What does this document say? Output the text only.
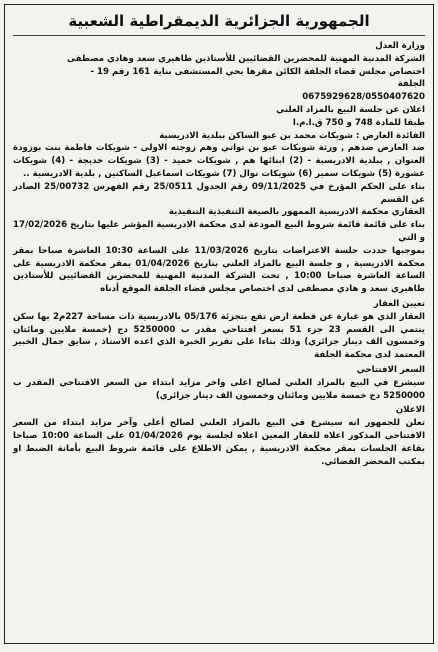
الجمهورية الجزائرية الديمقراطية الشعبية
وزارة العدل
الشركة المدنية المهنية للمحضرين القضائيين للأستاذين طاهيري سعد وهادي مصطفى
اختصاص مجلس قضاء الجلفة الكائن مقرها بحي المستشفى بناية 161 رقم 19 -
الجلفة
0675929628/0550407620
اعلان عن جلسة البيع بالمزاد العلني
طبقا للمادة 748 و 750 ق.ا.م.ا

الفائدة العارض : شويكات محمد بن عبو الساكن ببلدية الادريسية

ضد العارض ضدهم , ورثة شويكات عبو بن تواتي وهم زوجته الاولى - شويكات فاطمة بنت بوزودة العنوان , ببلدية الادريسية - (2) ابنائها هم , شويكات حميد - (3) شويكات خديجة - (4) شويكات عشورة (5) شويكات سمير (6) شويكات نوال (7) شويكات اسماعيل الساكنين , بلدية الادريسية ..

بناء على الحكم المؤرخ في 09/11/2025 رقم الجدول 25/0511 رقم الفهرس 25/00732 الصادر عن القسم

العقاري محكمة الادريسية الممهور بالصيغة التنفيذية التنفيذية

بناء على قائمة قائمة شروط البيع المودعة لدى محكمة الادريسية المؤشر عليها بتاريخ 17/02/2026 و التي

بموجبها حددت جلسة الاعتراضات بتاريخ 11/03/2026 على الساعة 10:30 العاشرة صباحا بمقر محكمة الادريسية , و جلسة البيع بالمزاد العلني بتاريخ 01/04/2026 بمقر محكمة الادريسية على الساعة العاشرة صباحا 10:00 , تحت الشركة المدنية المهنية للمحضرين القضائيين للأستاذين طاهيري سعد و هادي مصطفى لدى اختصاص مجلس قضاء الجلفة الموقع أدناه

تعيين العقار

العقار الذي هو عبارة عن قطعة ارض تقع بتجزئة 05/176 بالادريسية ذات مساحة 227م2 بها سكن ينتمي الى القسم 23 جزء 51 بسعر افتتاحي مقدر ب 5250000 دج (خمسة ملايين ومائتان وخمسون الف دينار جزائري) وذلك بناءا على تقرير الخبرة الذي اعده الاستاذ , سايق جمال الخبير المعتمد لدى محكمة الجلفة

السعر الافتتاحي

سيشرع في البيع بالمزاد العلني لصالح اعلى واخر مزايد ابتداء من السعر الافتتاحي المقدر ب 5250000 دج خمسة ملايين ومائتان وخمسون الف دينار جزائري)

الاعلان

تعلن للجمهور انه سيشرع في البيع بالمزاد العلني لصالح أعلى وآخر مزايد ابتداء من السعر الافتتاحي المذكور اعلاه للعقار المعين اعلاه لجلسة يوم 01/04/2026 على الساعة 10:00 صباحا بقاعة الجلسات بمقر محكمة الادريسية , يمكن الاطلاع على قائمة شروط البيع بأمانة الضبط او بمكتب المحضر القضائي.
